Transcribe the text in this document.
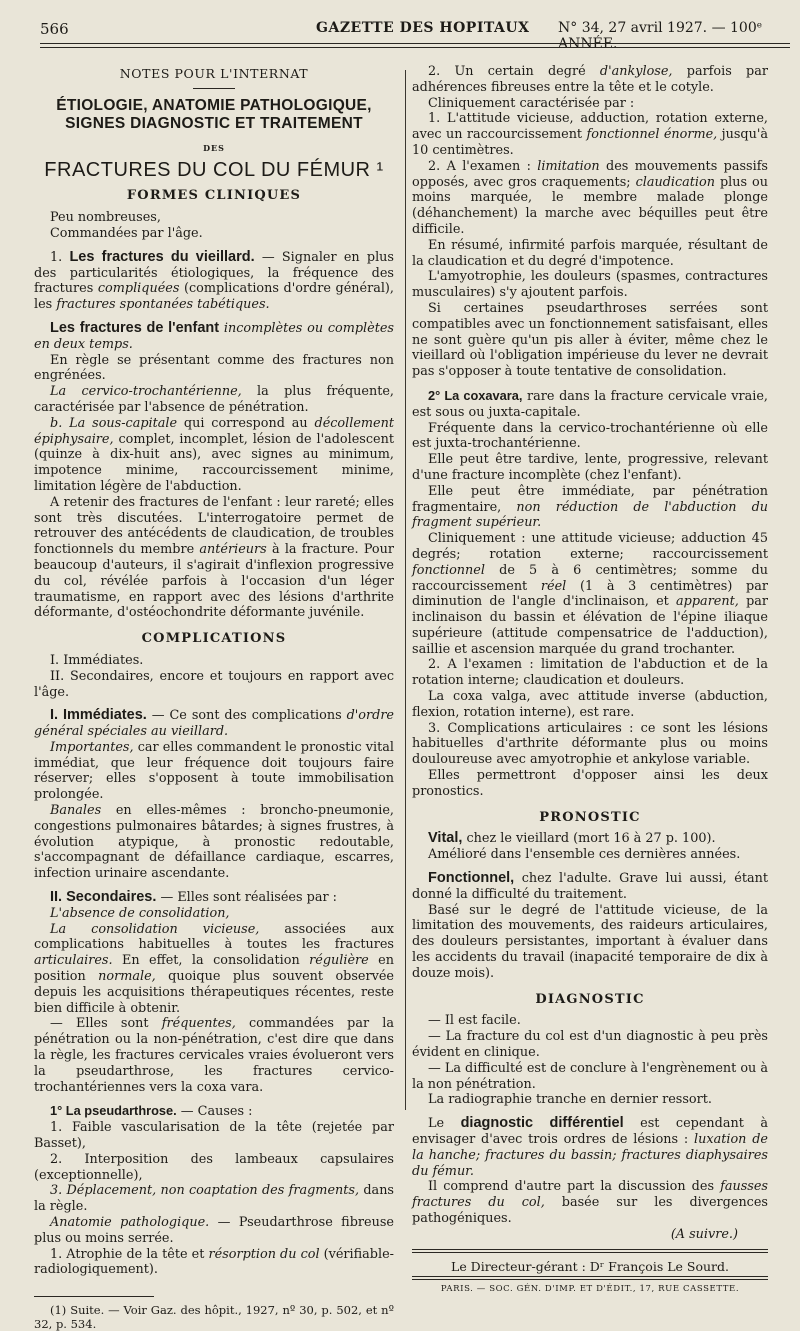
566	GAZETTE DES HOPITAUX N° 34, 27 avril 1927. — 100ᵉ ANNÉE.

NOTES POUR L'INTERNAT

ÉTIOLOGIE, ANATOMIE PATHOLOGIQUE, SIGNES DIAGNOSTIC ET TRAITEMENT

DES

FRACTURES DU COL DU FÉMUR ¹

FORMES CLINIQUES

Peu nombreuses,

Commandées par l'âge.

1. Les fractures du vieillard. — Signaler en plus des particularités étiologiques, la fréquence des fractures compliquées (complications d'ordre général), les fractures spontanées tabétiques.

Les fractures de l'enfant incomplètes ou complètes en deux temps.

En règle se présentant comme des fractures non engrénées.

La cervico-trochantérienne, la plus fréquente, caractérisée par l'absence de pénétration.

b. La sous-capitale qui correspond au décollement épiphysaire, complet, incomplet, lésion de l'adolescent (quinze à dix-huit ans), avec signes au minimum, impotence minime, raccourcissement minime, limitation légère de l'abduction.

A retenir des fractures de l'enfant : leur rareté; elles sont très discutées. L'interrogatoire permet de retrouver des antécédents de claudication, de troubles fonctionnels du membre antérieurs à la fracture. Pour beaucoup d'auteurs, il s'agirait d'inflexion progressive du col, révélée parfois à l'occasion d'un léger traumatisme, en rapport avec des lésions d'arthrite déformante, d'ostéochondrite déformante juvénile.

COMPLICATIONS

I. Immédiates.

II. Secondaires, encore et toujours en rapport avec l'âge.

I. Immédiates. — Ce sont des complications d'ordre général spéciales au vieillard.

Importantes, car elles commandent le pronostic vital immédiat, que leur fréquence doit toujours faire réserver; elles s'opposent à toute immobilisation prolongée.

Banales en elles-mêmes : broncho-pneumonie, congestions pulmonaires bâtardes; à signes frustres, à évolution atypique, à pronostic redoutable, s'accompagnant de défaillance cardiaque, escarres, infection urinaire ascendante.

II. Secondaires. — Elles sont réalisées par :

L'absence de consolidation,

La consolidation vicieuse, associées aux complications habituelles à toutes les fractures articulaires. En effet, la consolidation régulière en position normale, quoique plus souvent observée depuis les acquisitions thérapeutiques récentes, reste bien difficile à obtenir.

— Elles sont fréquentes, commandées par la pénétration ou la non-pénétration, c'est dire que dans la règle, les fractures cervicales vraies évolueront vers la pseudarthrose, les fractures cervico-trochantériennes vers la coxa vara.

1° La pseudarthrose. — Causes :

1. Faible vascularisation de la tête (rejetée par Basset),

2. Interposition des lambeaux capsulaires (exceptionnelle),

3. Déplacement, non coaptation des fragments, dans la règle.

Anatomie pathologique. — Pseudarthrose fibreuse plus ou moins serrée.

1. Atrophie de la tête et résorption du col (vérifiable-radiologiquement).

(1) Suite. — Voir Gaz. des hôpit., 1927, nº 30, p. 502, et nº 32, p. 534.

2. Un certain degré d'ankylose, parfois par adhérences fibreuses entre la tête et le cotyle.

Cliniquement caractérisée par :

1. L'attitude vicieuse, adduction, rotation externe, avec un raccourcissement fonctionnel énorme, jusqu'à 10 centimètres.

2. A l'examen : limitation des mouvements passifs opposés, avec gros craquements; claudication plus ou moins marquée, le membre malade plonge (déhanchement) la marche avec béquilles peut être difficile.

En résumé, infirmité parfois marquée, résultant de la claudication et du degré d'impotence.

L'amyotrophie, les douleurs (spasmes, contractures musculaires) s'y ajoutent parfois.

Si certaines pseudarthroses serrées sont compatibles avec un fonctionnement satisfaisant, elles ne sont guère qu'un pis aller à éviter, même chez le vieillard où l'obligation impérieuse du lever ne devrait pas s'opposer à toute tentative de consolidation.

2° La coxavara, rare dans la fracture cervicale vraie, est sous ou juxta-capitale.

Fréquente dans la cervico-trochantérienne où elle est juxta-trochantérienne.

Elle peut être tardive, lente, progressive, relevant d'une fracture incomplète (chez l'enfant).

Elle peut être immédiate, par pénétration fragmentaire, non réduction de l'abduction du fragment supérieur.

Cliniquement : une attitude vicieuse; adduction 45 degrés; rotation externe; raccourcissement fonctionnel de 5 à 6 centimètres; somme du raccourcissement réel (1 à 3 centimètres) par diminution de l'angle d'inclinaison, et apparent, par inclinaison du bassin et élévation de l'épine iliaque supérieure (attitude compensatrice de l'adduction), saillie et ascension marquée du grand trochanter.

2. A l'examen : limitation de l'abduction et de la rotation interne; claudication et douleurs.

La coxa valga, avec attitude inverse (abduction, flexion, rotation interne), est rare.

3. Complications articulaires : ce sont les lésions habituelles d'arthrite déformante plus ou moins douloureuse avec amyotrophie et ankylose variable.

Elles permettront d'opposer ainsi les deux pronostics.

PRONOSTIC

Vital, chez le vieillard (mort 16 à 27 p. 100).

Amélioré dans l'ensemble ces dernières années.

Fonctionnel, chez l'adulte. Grave lui aussi, étant donné la difficulté du traitement.

Basé sur le degré de l'attitude vicieuse, de la limitation des mouvements, des raideurs articulaires, des douleurs persistantes, important à évaluer dans les accidents du travail (inapacité temporaire de dix à douze mois).

DIAGNOSTIC

— Il est facile.

— La fracture du col est d'un diagnostic à peu près évident en clinique.

— La difficulté est de conclure à l'engrènement ou à la non pénétration.

La radiographie tranche en dernier ressort.

Le diagnostic différentiel est cependant à envisager d'avec trois ordres de lésions : luxation de la hanche; fractures du bassin; fractures diaphysaires du fémur.

Il comprend d'autre part la discussion des fausses fractures du col, basée sur les divergences pathogéniques.

(A suivre.)

Le Directeur-gérant : Dʳ François Le Sourd.

PARIS. — SOC. GÉN. D'IMP. ET D'ÉDIT., 17, RUE CASSETTE.
